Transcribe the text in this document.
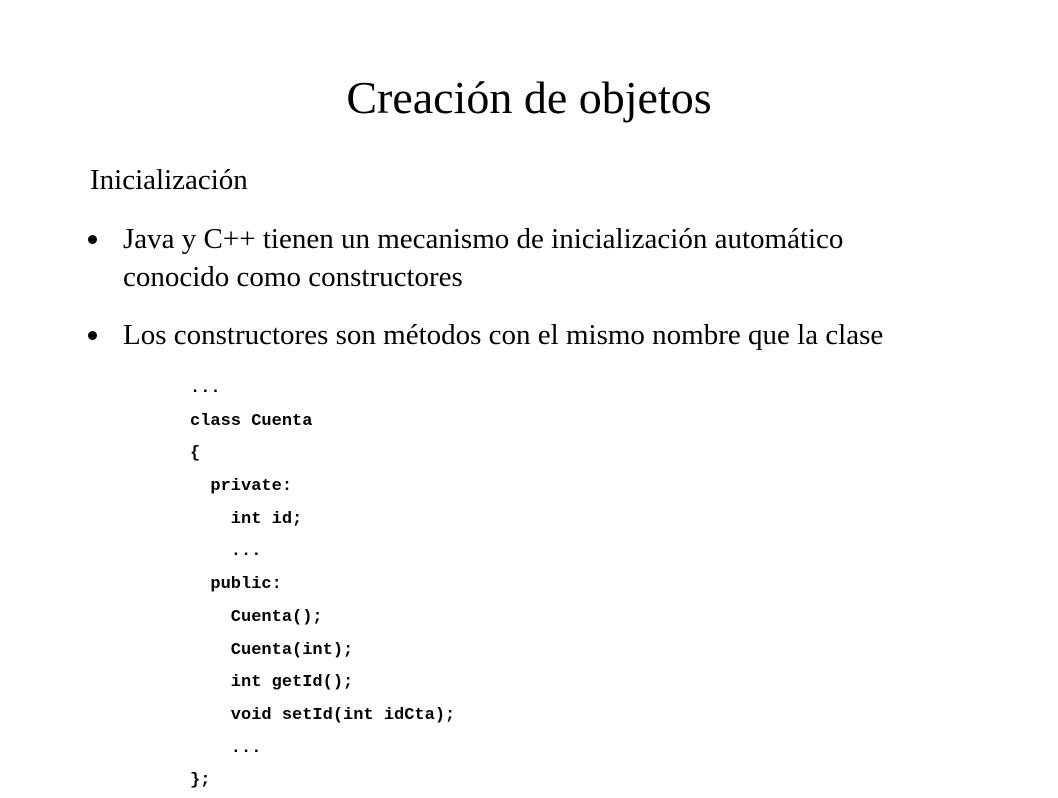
Creación de objetos
Inicialización
Java y C++ tienen un mecanismo de inicialización automático
conocido como constructores
Los constructores son métodos con el mismo nombre que la clase
...
class Cuenta
{
private:
int id;
...
public:
Cuenta();
Cuenta(int);
int getId();
void setId(int idCta);
...
};
